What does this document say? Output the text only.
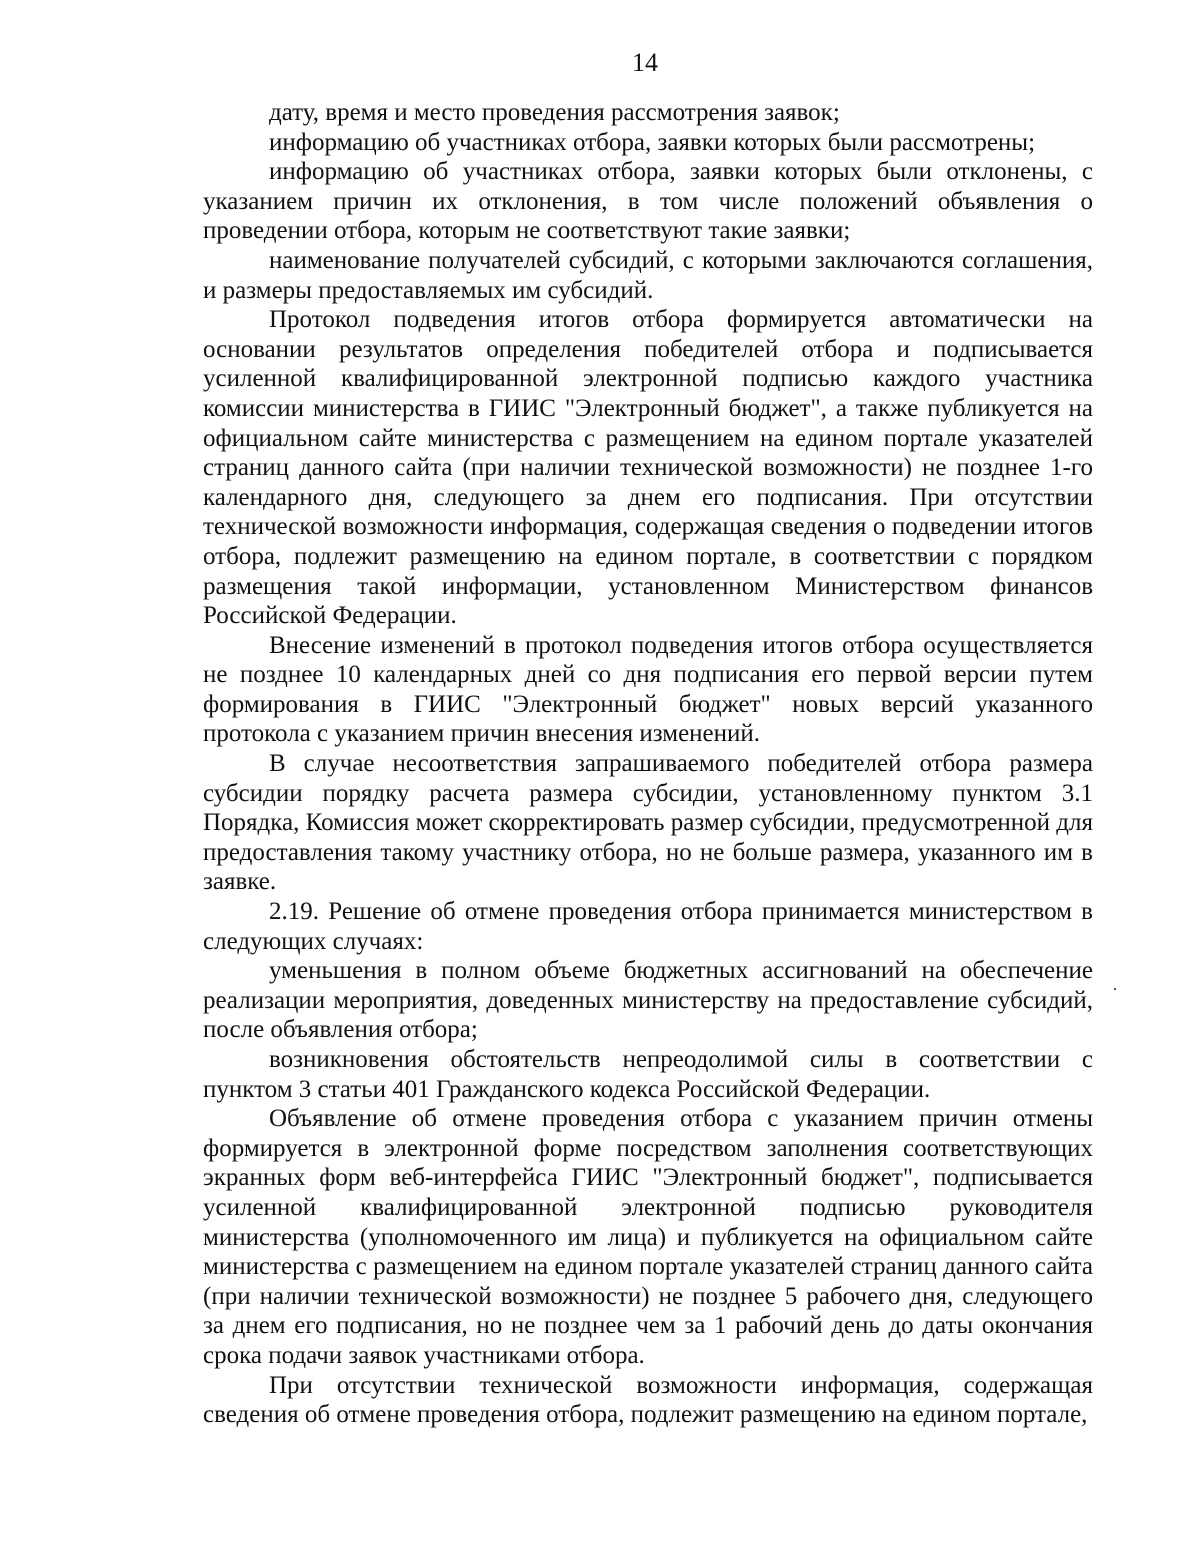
14

дату, время и место проведения рассмотрения заявок;

информацию об участниках отбора, заявки которых были рассмотрены;

информацию об участниках отбора, заявки которых были отклонены, с указанием причин их отклонения, в том числе положений объявления о проведении отбора, которым не соответствуют такие заявки;

наименование получателей субсидий, с которыми заключаются соглашения, и размеры предоставляемых им субсидий.

Протокол подведения итогов отбора формируется автоматически на основании результатов определения победителей отбора и подписывается усиленной квалифицированной электронной подписью каждого участника комиссии министерства в ГИИС "Электронный бюджет", а также публикуется на официальном сайте министерства с размещением на едином портале указателей страниц данного сайта (при наличии технической возможности) не позднее 1-го календарного дня, следующего за днем его подписания. При отсутствии технической возможности информация, содержащая сведения о подведении итогов отбора, подлежит размещению на едином портале, в соответствии с порядком размещения такой информации, установленном Министерством финансов Российской Федерации.

Внесение изменений в протокол подведения итогов отбора осуществляется не позднее 10 календарных дней со дня подписания его первой версии путем формирования в ГИИС "Электронный бюджет" новых версий указанного протокола с указанием причин внесения изменений.

В случае несоответствия запрашиваемого победителей отбора размера субсидии порядку расчета размера субсидии, установленному пунктом 3.1 Порядка, Комиссия может скорректировать размер субсидии, предусмотренной для предоставления такому участнику отбора, но не больше размера, указанного им в заявке.

2.19. Решение об отмене проведения отбора принимается министерством в следующих случаях:

уменьшения в полном объеме бюджетных ассигнований на обеспечение реализации мероприятия, доведенных министерству на предоставление субсидий, после объявления отбора;

возникновения обстоятельств непреодолимой силы в соответствии с пунктом 3 статьи 401 Гражданского кодекса Российской Федерации.

Объявление об отмене проведения отбора с указанием причин отмены формируется в электронной форме посредством заполнения соответствующих экранных форм веб-интерфейса ГИИС "Электронный бюджет", подписывается усиленной квалифицированной электронной подписью руководителя министерства (уполномоченного им лица) и публикуется на официальном сайте министерства с размещением на едином портале указателей страниц данного сайта (при наличии технической возможности) не позднее 5 рабочего дня, следующего за днем его подписания, но не позднее чем за 1 рабочий день до даты окончания срока подачи заявок участниками отбора.

При отсутствии технической возможности информация, содержащая сведения об отмене проведения отбора, подлежит размещению на едином портале,

·
